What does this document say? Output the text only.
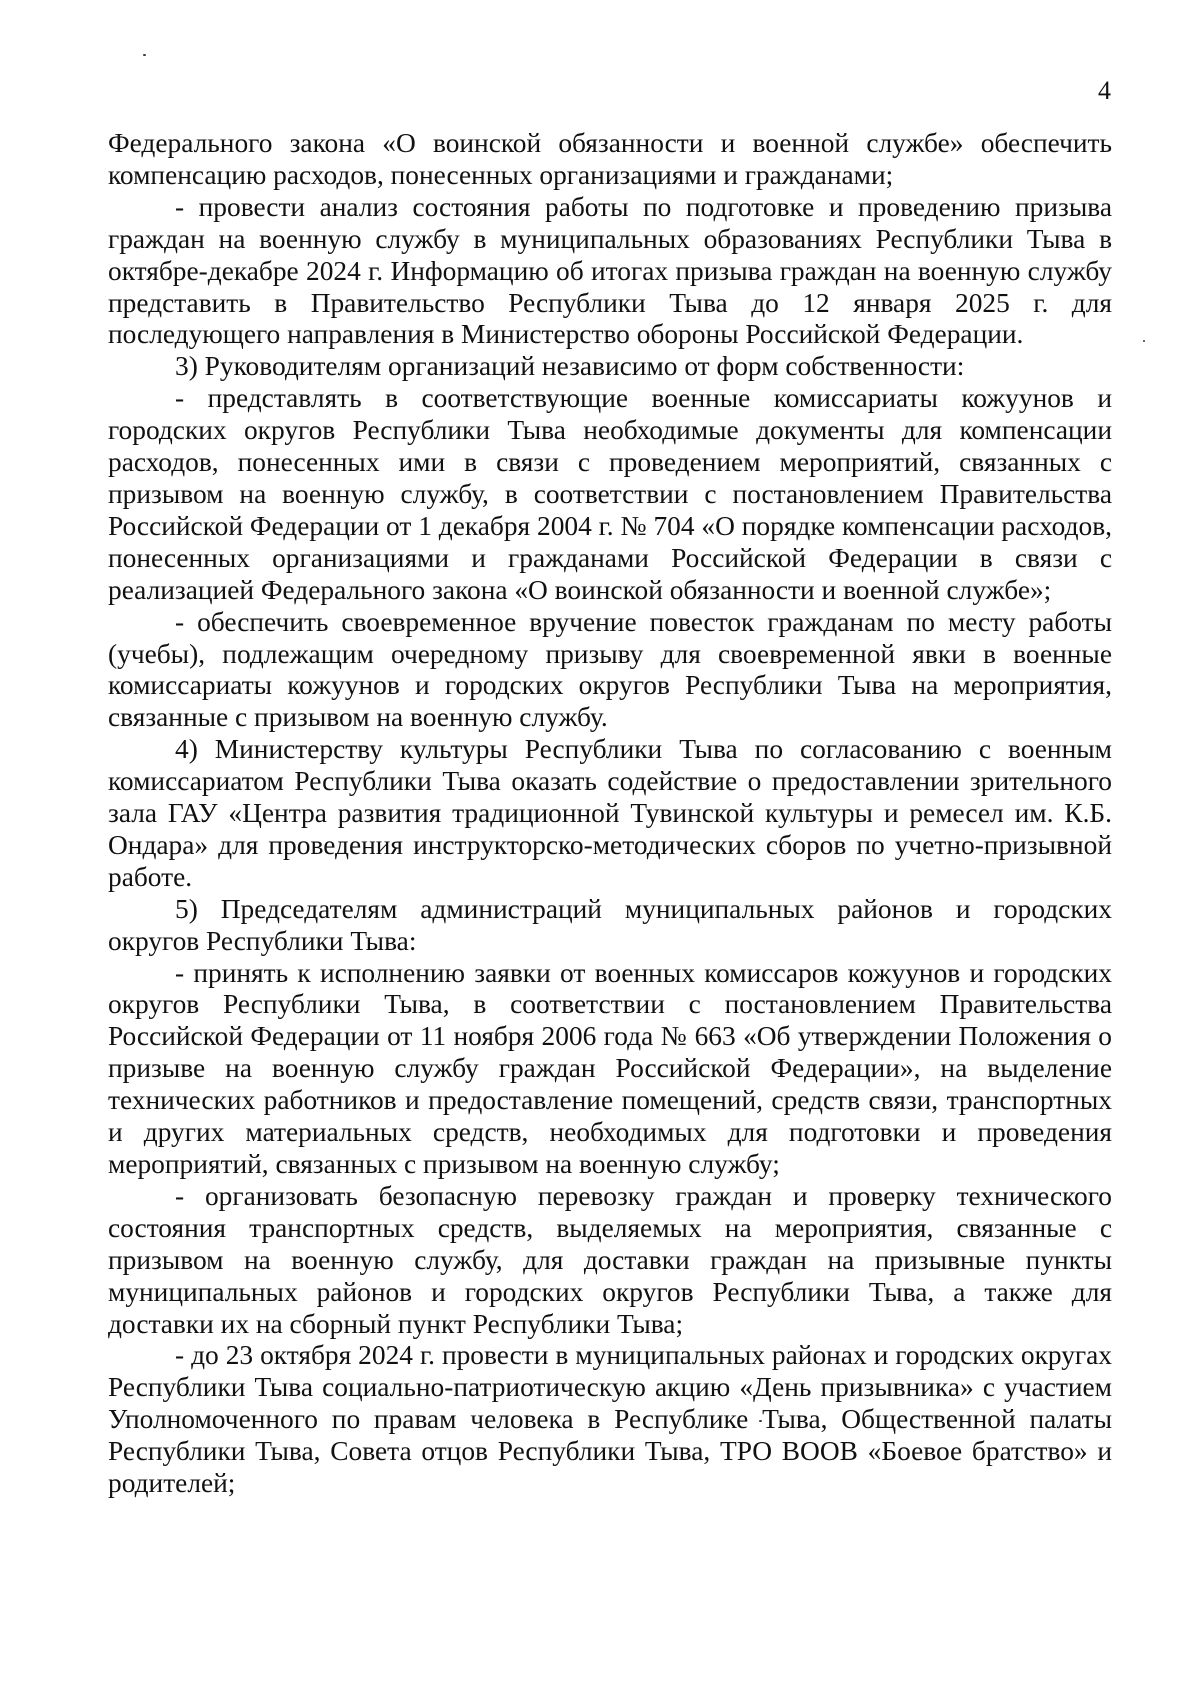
4

Федерального закона «О воинской обязанности и военной службе» обеспечить компенсацию расходов, понесенных организациями и гражданами;

- провести анализ состояния работы по подготовке и проведению призыва граждан на военную службу в муниципальных образованиях Республики Тыва в октябре-декабре 2024 г. Информацию об итогах призыва граждан на военную службу представить в Правительство Республики Тыва до 12 января 2025 г. для последующего направления в Министерство обороны Российской Федерации.

3) Руководителям организаций независимо от форм собственности:

- представлять в соответствующие военные комиссариаты кожуунов и городских округов Республики Тыва необходимые документы для компенсации расходов, понесенных ими в связи с проведением мероприятий, связанных с призывом на военную службу, в соответствии с постановлением Правительства Российской Федерации от 1 декабря 2004 г. № 704 «О порядке компенсации расходов, понесенных организациями и гражданами Российской Федерации в связи с реализацией Федерального закона «О воинской обязанности и военной службе»;

- обеспечить своевременное вручение повесток гражданам по месту работы (учебы), подлежащим очередному призыву для своевременной явки в военные комиссариаты кожуунов и городских округов Республики Тыва на мероприятия, связанные с призывом на военную службу.

4) Министерству культуры Республики Тыва по согласованию с военным комиссариатом Республики Тыва оказать содействие о предоставлении зрительного зала ГАУ «Центра развития традиционной Тувинской культуры и ремесел им. К.Б. Ондара» для проведения инструкторско-методических сборов по учетно-призывной работе.

5) Председателям администраций муниципальных районов и городских округов Республики Тыва:

- принять к исполнению заявки от военных комиссаров кожуунов и городских округов Республики Тыва, в соответствии с постановлением Правительства Российской Федерации от 11 ноября 2006 года № 663 «Об утверждении Положения о призыве на военную службу граждан Российской Федерации», на выделение технических работников и предоставление помещений, средств связи, транспортных и других материальных средств, необходимых для подготовки и проведения мероприятий, связанных с призывом на военную службу;

- организовать безопасную перевозку граждан и проверку технического состояния транспортных средств, выделяемых на мероприятия, связанные с призывом на военную службу, для доставки граждан на призывные пункты муниципальных районов и городских округов Республики Тыва, а также для доставки их на сборный пункт Республики Тыва;

- до 23 октября 2024 г. провести в муниципальных районах и городских округах Республики Тыва социально-патриотическую акцию «День призывника» с участием Уполномоченного по правам человека в Республике Тыва, Общественной палаты Республики Тыва, Совета отцов Республики Тыва, ТРО ВООВ «Боевое братство» и родителей;
